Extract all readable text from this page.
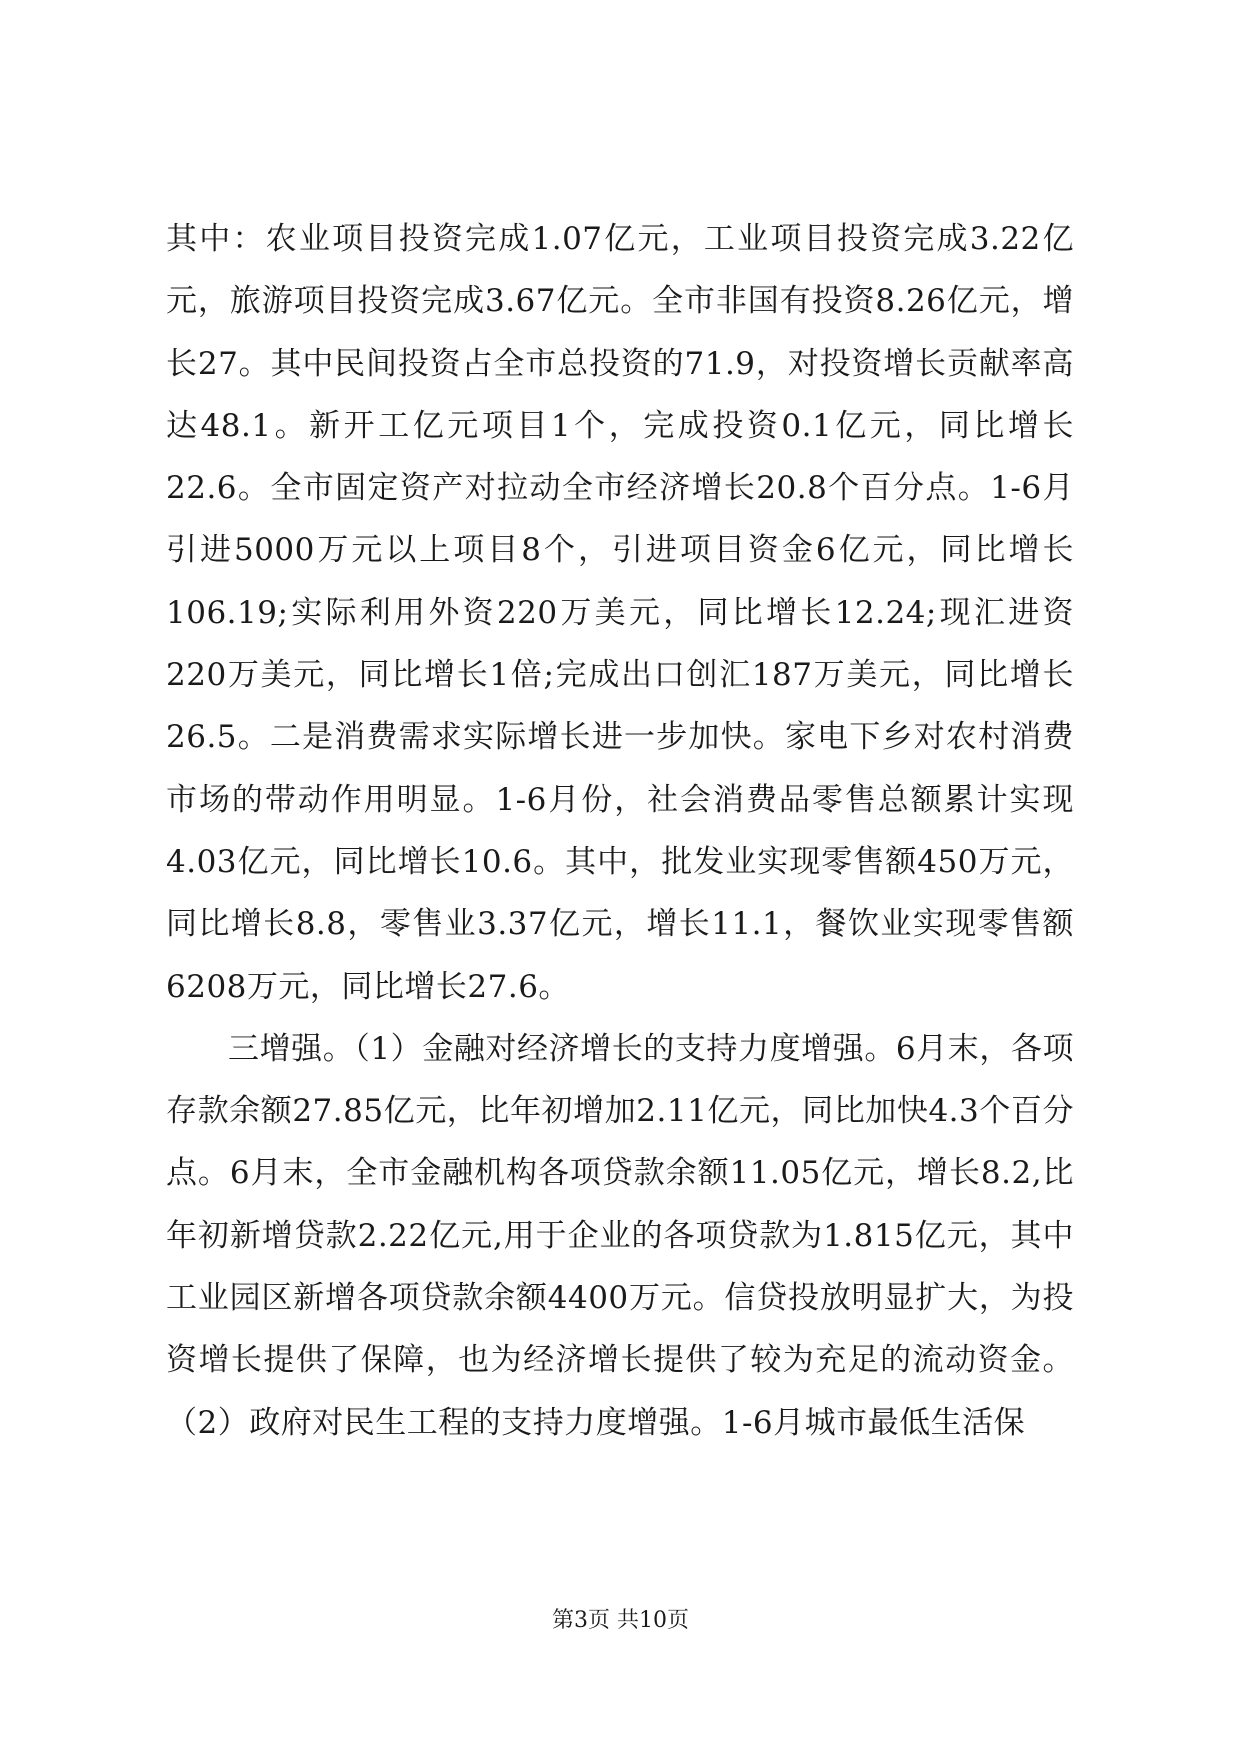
其中：农业项目投资完成1.07亿元，工业项目投资完成3.22亿元，旅游项目投资完成3.67亿元。全市非国有投资8.26亿元，增长27。其中民间投资占全市总投资的71.9，对投资增长贡献率高达48.1。新开工亿元项目1个，完成投资0.1亿元，同比增长22.6。全市固定资产对拉动全市经济增长20.8个百分点。1-6月引进5000万元以上项目8个，引进项目资金6亿元，同比增长106.19;实际利用外资220万美元，同比增长12.24;现汇进资220万美元，同比增长1倍;完成出口创汇187万美元，同比增长26.5。二是消费需求实际增长进一步加快。家电下乡对农村消费市场的带动作用明显。1-6月份，社会消费品零售总额累计实现4.03亿元，同比增长10.6。其中，批发业实现零售额450万元，同比增长8.8，零售业3.37亿元，增长11.1，餐饮业实现零售额6208万元，同比增长27.6。

三增强。（1）金融对经济增长的支持力度增强。6月末，各项存款余额27.85亿元，比年初增加2.11亿元，同比加快4.3个百分点。6月末，全市金融机构各项贷款余额11.05亿元，增长8.2,比年初新增贷款2.22亿元,用于企业的各项贷款为1.815亿元，其中工业园区新增各项贷款余额4400万元。信贷投放明显扩大，为投资增长提供了保障，也为经济增长提供了较为充足的流动资金。（2）政府对民生工程的支持力度增强。1-6月城市最低生活保

第3页 共10页
